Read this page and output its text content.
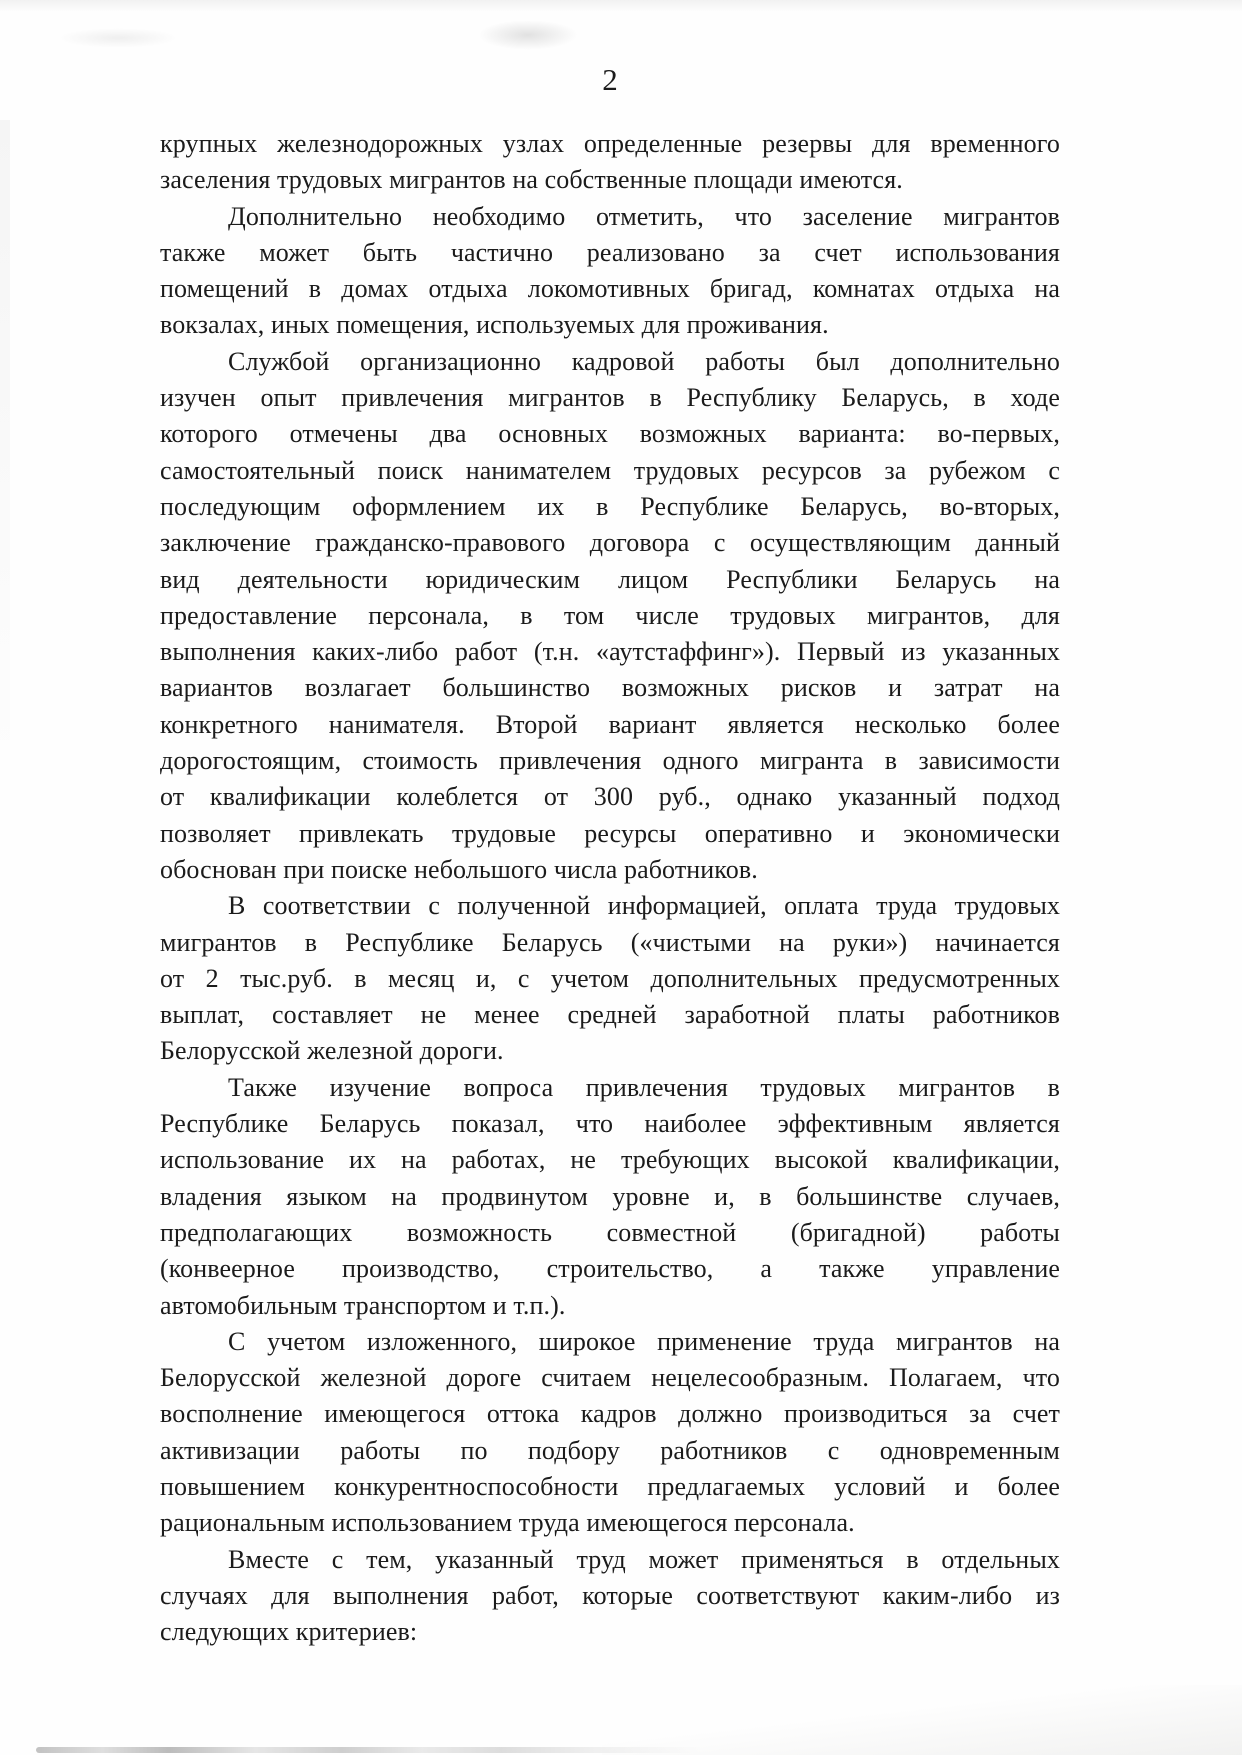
2
крупных железнодорожных узлах определенные резервы для временного
заселения трудовых мигрантов на собственные площади имеются.
Дополнительно необходимо отметить, что заселение мигрантов
также может быть частично реализовано за счет использования
помещений в домах отдыха локомотивных бригад, комнатах отдыха на
вокзалах, иных помещения, используемых для проживания.
Службой организационно кадровой работы был дополнительно
изучен опыт привлечения мигрантов в Республику Беларусь, в ходе
которого отмечены два основных возможных варианта: во-первых,
самостоятельный поиск нанимателем трудовых ресурсов за рубежом с
последующим оформлением их в Республике Беларусь, во-вторых,
заключение гражданско-правового договора с осуществляющим данный
вид деятельности юридическим лицом Республики Беларусь на
предоставление персонала, в том числе трудовых мигрантов, для
выполнения каких-либо работ (т.н. «аутстаффинг»). Первый из указанных
вариантов возлагает большинство возможных рисков и затрат на
конкретного нанимателя. Второй вариант является несколько более
дорогостоящим, стоимость привлечения одного мигранта в зависимости
от квалификации колеблется от 300 руб., однако указанный подход
позволяет привлекать трудовые ресурсы оперативно и экономически
обоснован при поиске небольшого числа работников.
В соответствии с полученной информацией, оплата труда трудовых
мигрантов в Республике Беларусь («чистыми на руки») начинается
от 2 тыс.руб. в месяц и, с учетом дополнительных предусмотренных
выплат, составляет не менее средней заработной платы работников
Белорусской железной дороги.
Также изучение вопроса привлечения трудовых мигрантов в
Республике Беларусь показал, что наиболее эффективным является
использование их на работах, не требующих высокой квалификации,
владения языком на продвинутом уровне и, в большинстве случаев,
предполагающих возможность совместной (бригадной) работы
(конвеерное производство, строительство, а также управление
автомобильным транспортом и т.п.).
С учетом изложенного, широкое применение труда мигрантов на
Белорусской железной дороге считаем нецелесообразным. Полагаем, что
восполнение имеющегося оттока кадров должно производиться за счет
активизации работы по подбору работников с одновременным
повышением конкурентноспособности предлагаемых условий и более
рациональным использованием труда имеющегося персонала.
Вместе с тем, указанный труд может применяться в отдельных
случаях для выполнения работ, которые соответствуют каким-либо из
следующих критериев:
